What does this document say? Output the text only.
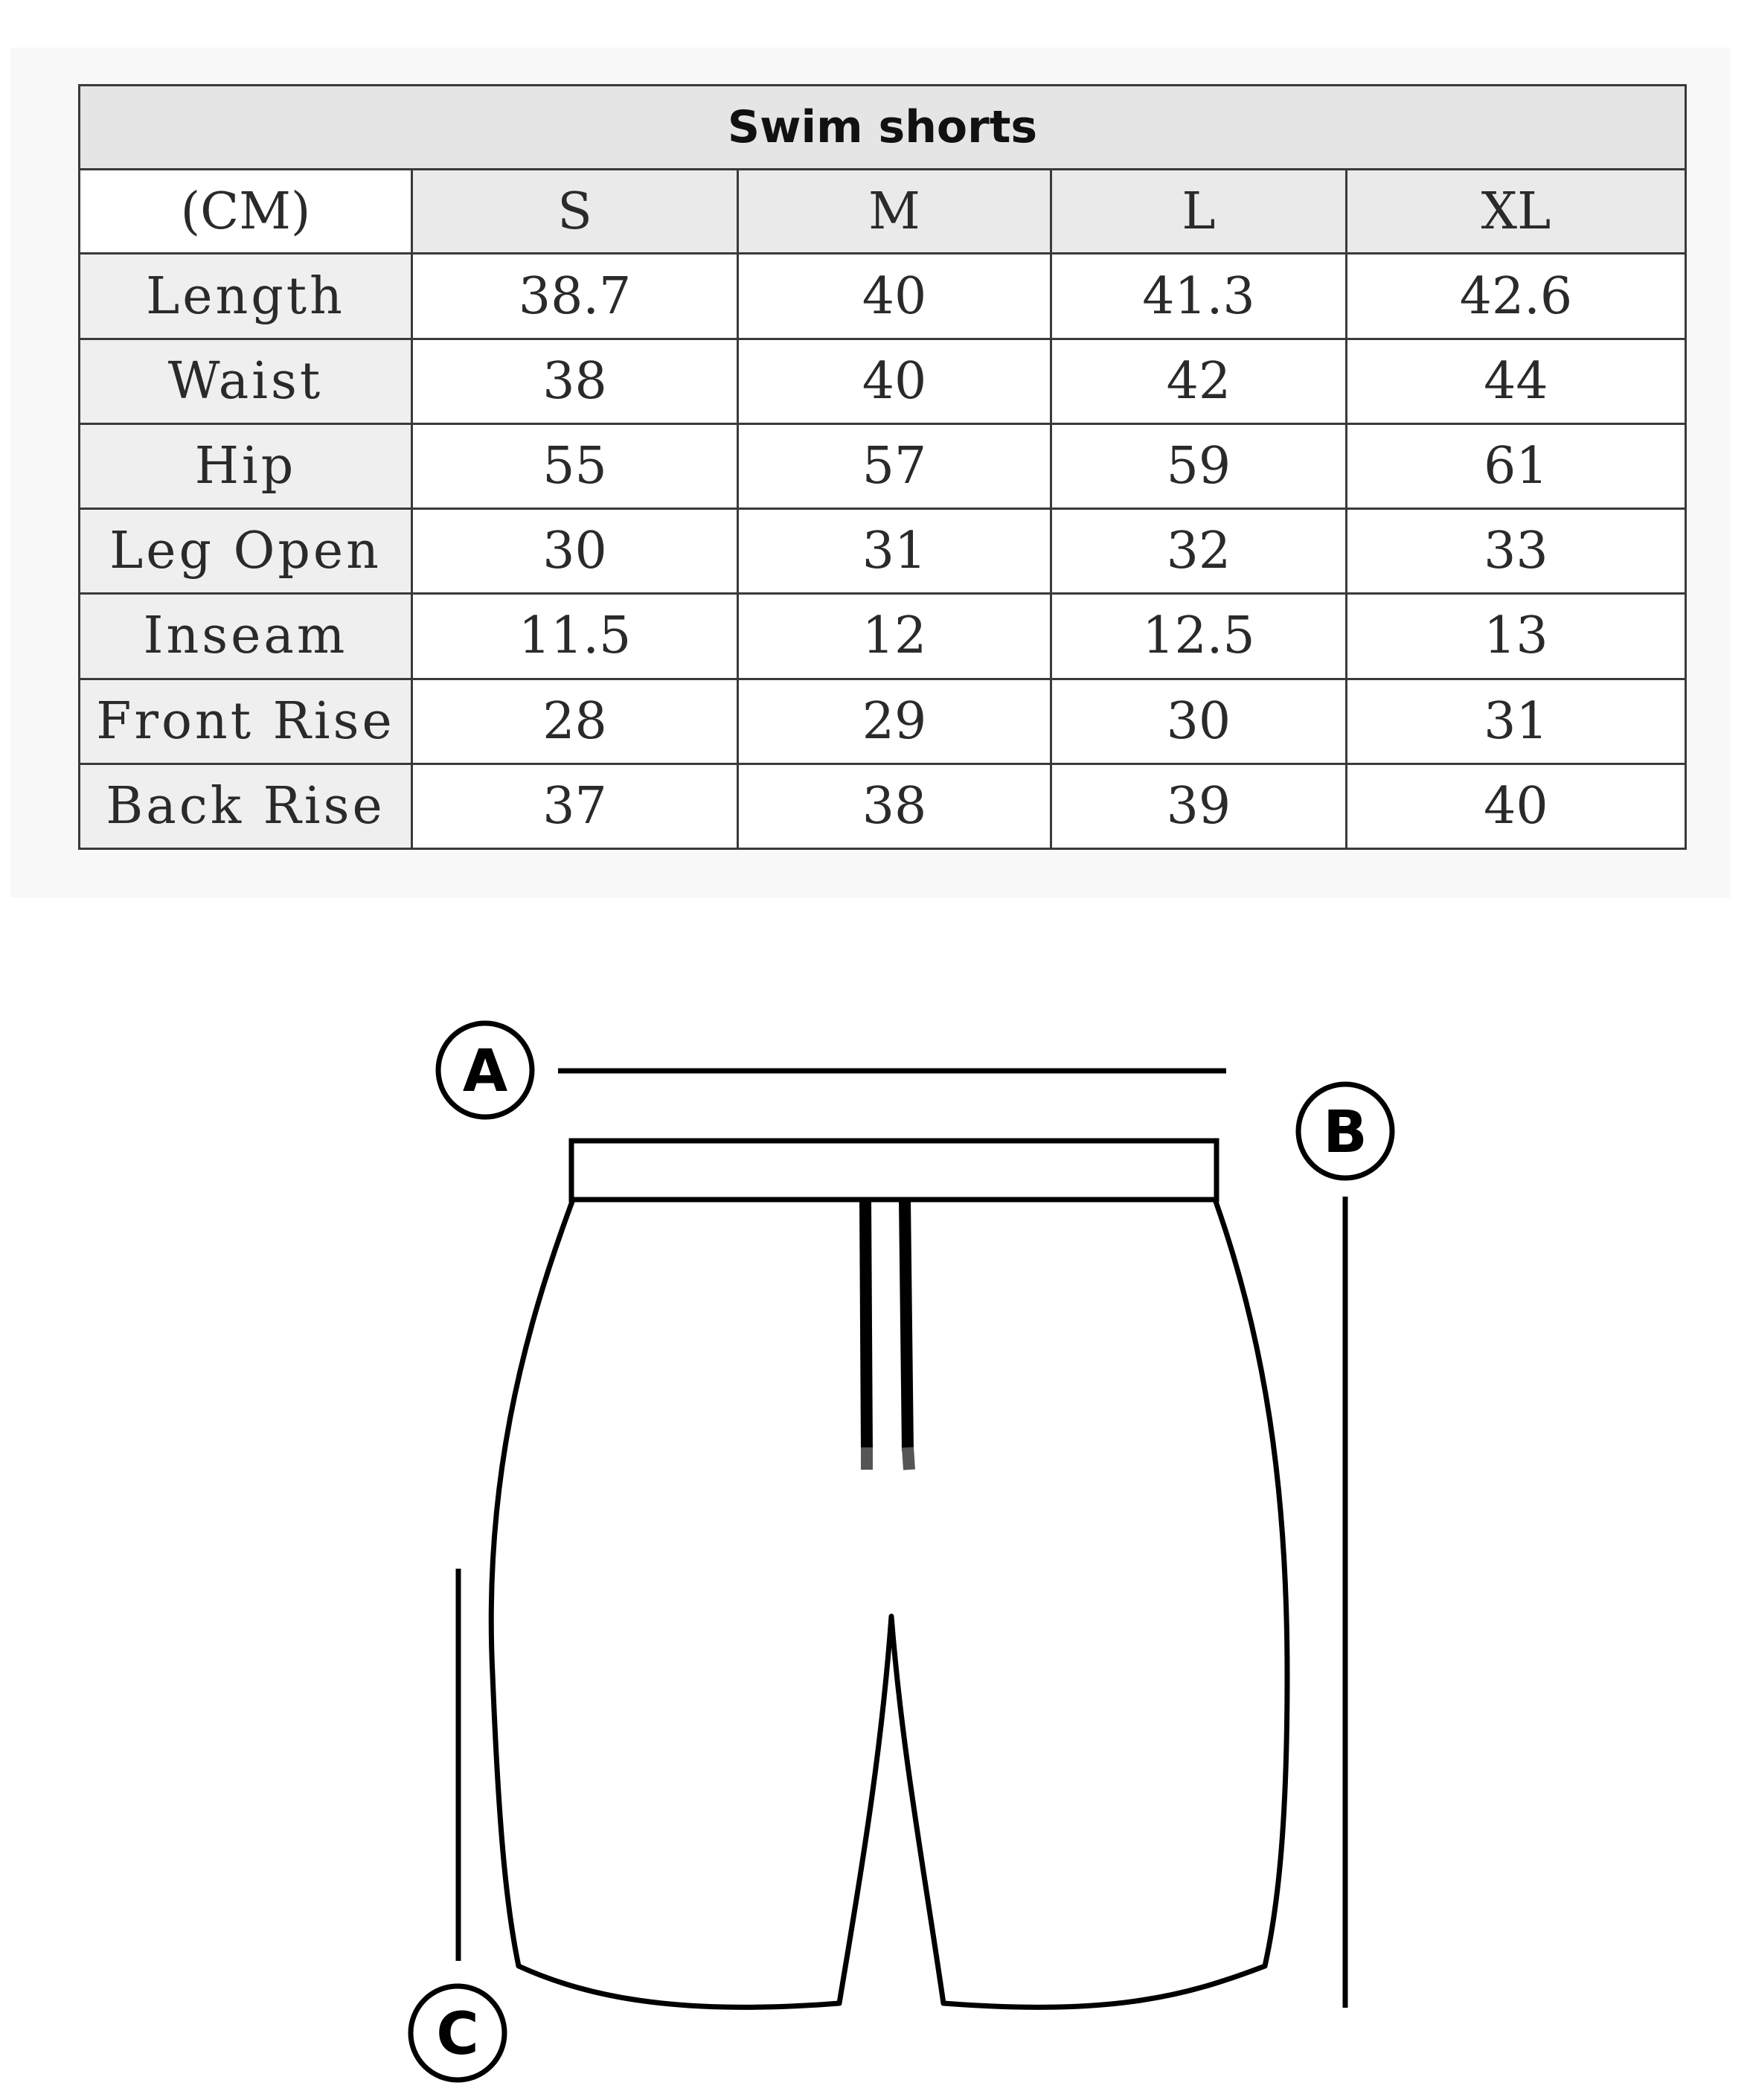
Swim shorts				
(CM)	S	M	L	XL
Length	38.7	40	41.3	42.6
Waist	38	40	42	44
Hip	55	57	59	61
Leg Open	30	31	32	33
Inseam	11.5	12	12.5	13
Front Rise	28	29	30	31
Back Rise	37	38	39	40
A
B
C
